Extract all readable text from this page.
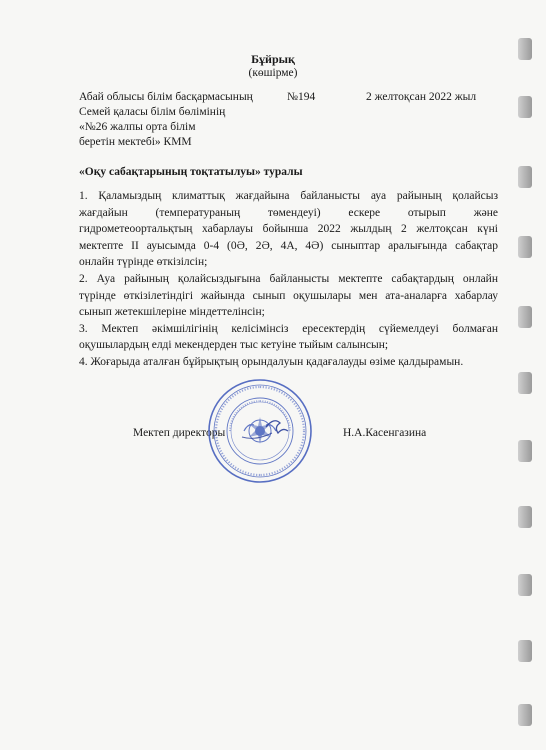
Бұйрық
(көшірме)
Абай облысы білім басқармасының
Семей қаласы білім бөлімінің
«№26 жалпы орта білім
беретін мектебі» КММ
№194	2 желтоқсан 2022 жыл
«Оқу сабақтарының тоқтатылуы» туралы
1. Қаламыздың климаттық жағдайына байланысты ауа райының қолайсыз
жағдайын (температураның төмендеуі) ескере отырып және
гидрометеоортальқтың хабарлауы бойынша 2022 жылдың 2 желтоқсан күні
мектепте ІІ ауысымда 0-4 (0Ә, 2Ә, 4А, 4Ә) сыныптар аралығында сабақтар
онлайн түрінде өткізілсін;
2. Ауа райының қолайсыздығына байланысты мектепте сабақтардың онлайн
түрінде өткізілетіндігі жайында сынып оқушылары мен ата-аналарға хабарлау
сынып жетекшілеріне міндеттелінсін;
3. Мектеп әкімшілігінің келісімінсіз ересектердің сүйемелдеуі болмаған
оқушылардың елді мекендерден тыс кетуіне тыйым салынсын;
4. Жоғарыда аталған бұйрықтың орындалуын қадағалауды өзіме қалдырамын.
Мектеп директоры	Н.А.Касенгазина
